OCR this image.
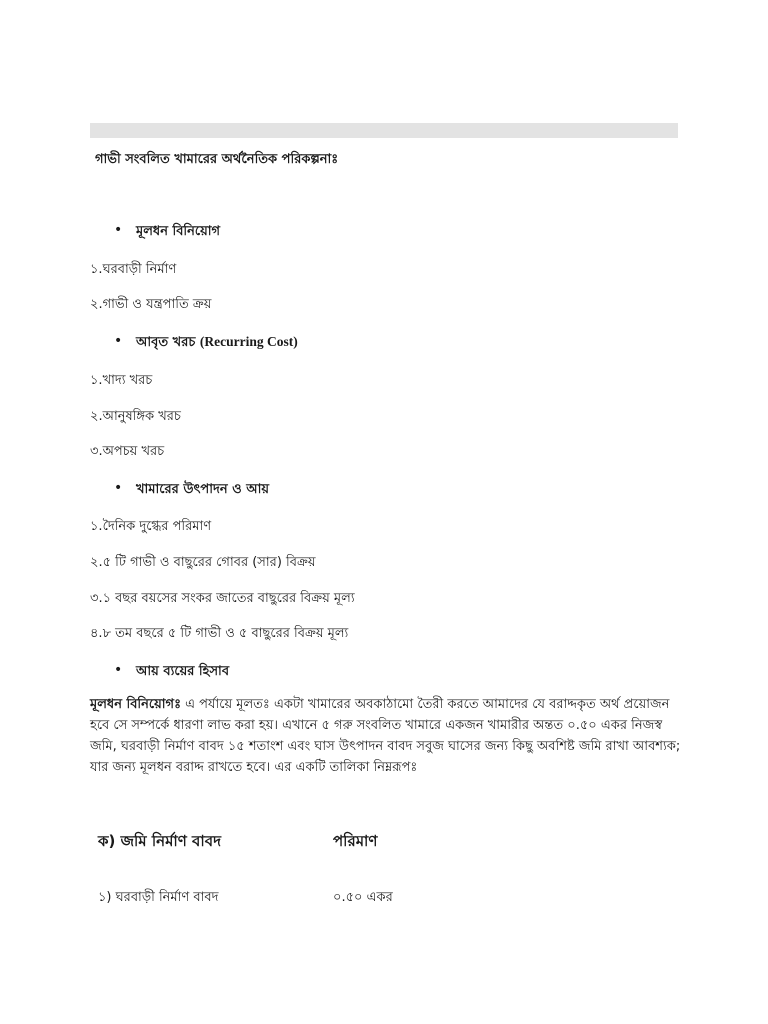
গাভী সংবলিত খামারের অর্থনৈতিক পরিকল্পনাঃ
• মূলধন বিনিয়োগ
১.ঘরবাড়ী নির্মাণ
২.গাভী ও যন্ত্রপাতি ক্রয়
• আবৃত খরচ (Recurring Cost)
১.খাদ্য খরচ
২.আনুষঙ্গিক খরচ
৩.অপচয় খরচ
• খামারের উৎপাদন ও আয়
১.দৈনিক দুগ্ধের পরিমাণ
২.৫ টি গাভী ও বাছুরের গোবর (সার) বিক্রয়
৩.১ বছর বয়সের সংকর জাতের বাছুরের বিক্রয় মূল্য
৪.৮ তম বছরে ৫ টি গাভী ও ৫ বাছুরের বিক্রয় মূল্য
• আয় ব্যয়ের হিসাব
মূলধন বিনিয়োগঃ এ পর্যায়ে মূলতঃ একটা খামারের অবকাঠামো তৈরী করতে আমাদের যে বরাদ্দকৃত অর্থ প্রয়োজন হবে সে সম্পর্কে ধারণা লাভ করা হয়। এখানে ৫ গরু সংবলিত খামারে একজন খামারীর অন্তত ০.৫০ একর নিজস্ব জমি, ঘরবাড়ী নির্মাণ বাবদ ১৫ শতাংশ এবং ঘাস উৎপাদন বাবদ সবুজ ঘাসের জন্য কিছু অবশিষ্ট জমি রাখা আবশ্যক; যার জন্য মূলধন বরাদ্দ রাখতে হবে। এর একটি তালিকা নিম্নরূপঃ
ক) জমি নির্মাণ বাবদ	পরিমাণ
১) ঘরবাড়ী নির্মাণ বাবদ	০.৫০ একর
